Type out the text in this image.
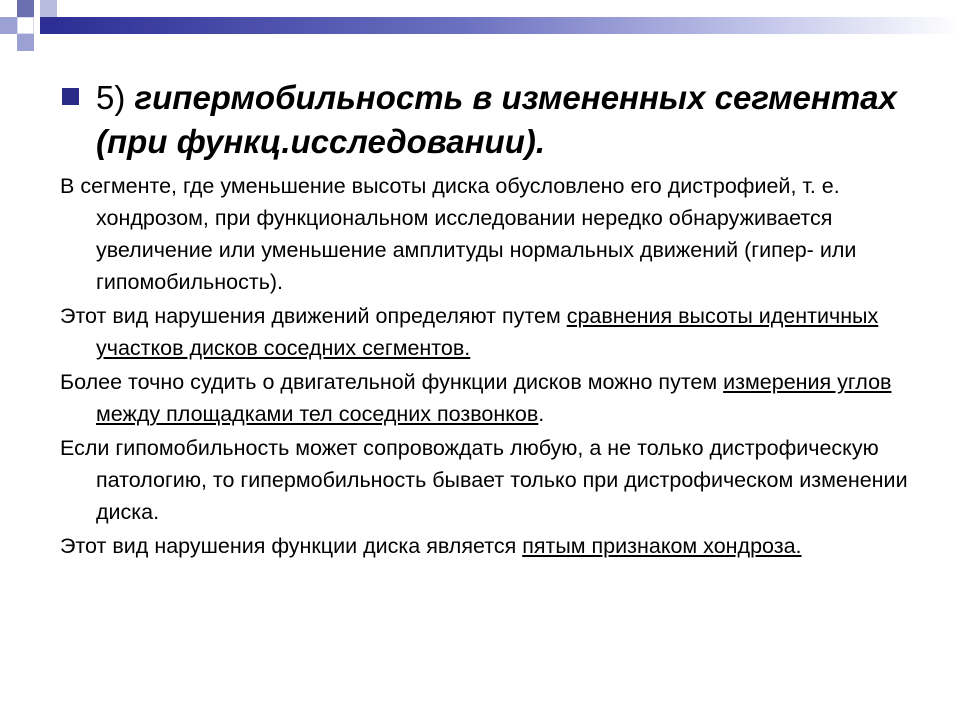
5) гипермобильность в измененных сегментах (при функц.исследовании).

В сегменте, где уменьшение высоты диска обусловлено его дистрофией, т. е. хондрозом, при функциональном исследовании нередко обнаруживается увеличение или уменьшение амплитуды нормальных движений (гипер- или гипомобильность).

Этот вид нарушения движений определяют путем сравнения высоты идентичных участков дисков соседних сегментов.

Более точно судить о двигательной функции дисков можно путем измерения углов между площадками тел соседних позвонков.

Если гипомобильность может сопровождать любую, а не только дистрофическую патологию, то гипермобильность бывает только при дистрофическом изменении диска.

Этот вид нарушения функции диска является пятым признаком хондроза.
